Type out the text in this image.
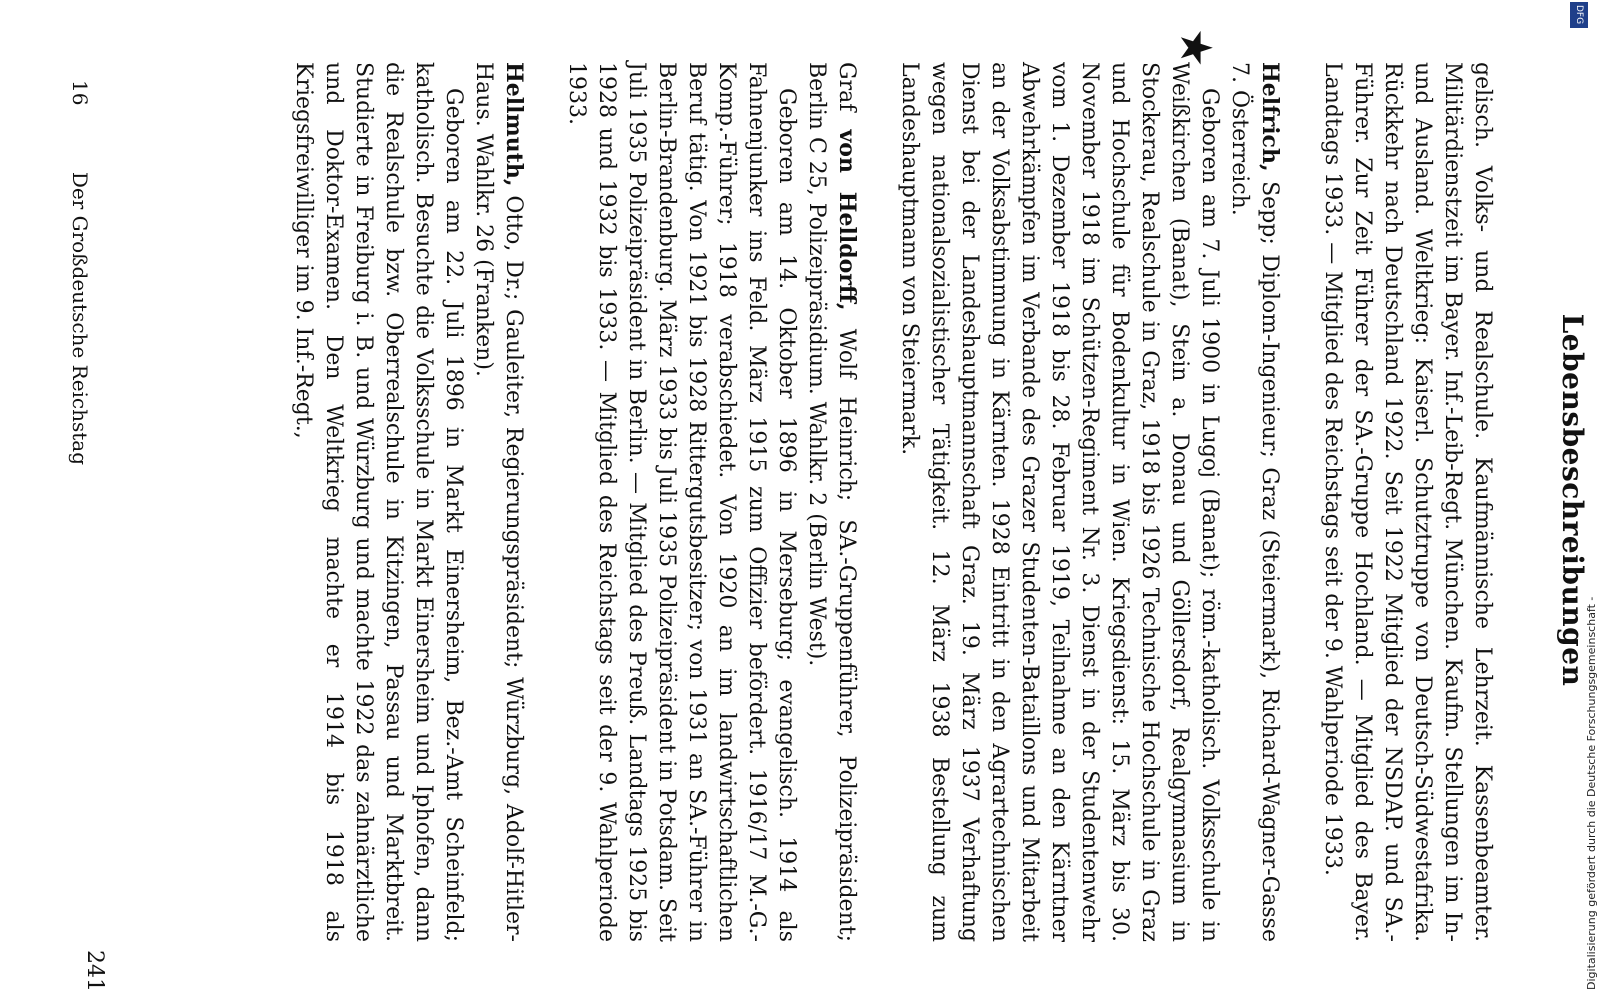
Lebensbeschreibungen
★

gelisch. Volks- und Realschule. Kaufmännische Lehrzeit. Kassenbeamter. Militärdienstzeit im Bayer. Inf.-Leib-Regt. München. Kaufm. Stellungen im In- und Ausland. Weltkrieg: Kaiserl. Schutztruppe von Deutsch-Südwestafrika. Rückkehr nach Deutschland 1922. Seit 1922 Mitglied der NSDAP. und SA.-Führer. Zur Zeit Führer der SA.-Gruppe Hochland. — Mitglied des Bayer. Landtags 1933. — Mitglied des Reichstags seit der 9. Wahlperiode 1933.

Helfrich, Sepp; Diplom-Ingenieur; Graz (Steiermark), Richard-Wagner-Gasse 7. Österreich.

Geboren am 7. Juli 1900 in Lugoj (Banat); röm.-katholisch. Volksschule in Weißkirchen (Banat), Stein a. Donau und Göllersdorf, Realgymnasium in Stockerau, Realschule in Graz, 1918 bis 1926 Technische Hochschule in Graz und Hochschule für Bodenkultur in Wien. Kriegsdienst: 15. März bis 30. November 1918 im Schützen-Regiment Nr. 3. Dienst in der Studentenwehr vom 1. Dezember 1918 bis 28. Februar 1919, Teilnahme an den Kärntner Abwehrkämpfen im Verbande des Grazer Studenten-Bataillons und Mitarbeit an der Volksabstimmung in Kärnten. 1928 Eintritt in den Agrartechnischen Dienst bei der Landeshauptmannschaft Graz. 19. März 1937 Verhaftung wegen nationalsozialistischer Tätigkeit. 12. März 1938 Bestellung zum Landeshauptmann von Steiermark.

Graf von Helldorff, Wolf Heinrich; SA.-Gruppenführer, Polizeipräsident; Berlin C 25, Polizeipräsidium. Wahlkr. 2 (Berlin West).

Geboren am 14. Oktober 1896 in Merseburg; evangelisch. 1914 als Fahnenjunker ins Feld. März 1915 zum Offizier befördert. 1916/17 M.-G.-Komp.-Führer; 1918 verabschiedet. Von 1920 an im landwirtschaftlichen Beruf tätig. Von 1921 bis 1928 Rittergutsbesitzer; von 1931 an SA.-Führer in Berlin-Brandenburg. März 1933 bis Juli 1935 Polizeipräsident in Potsdam. Seit Juli 1935 Polizeipräsident in Berlin. — Mitglied des Preuß. Landtags 1925 bis 1928 und 1932 bis 1933. — Mitglied des Reichstags seit der 9. Wahlperiode 1933.

Hellmuth, Otto, Dr.; Gauleiter, Regierungspräsident; Würzburg, Adolf-Hitler-Haus. Wahlkr. 26 (Franken).

Geboren am 22. Juli 1896 in Markt Einersheim, Bez.-Amt Scheinfeld; katholisch. Besuchte die Volksschule in Markt Einersheim und Iphofen, dann die Realschule bzw. Oberrealschule in Kitzingen, Passau und Marktbreit. Studierte in Freiburg i. B. und Würzburg und machte 1922 das zahnärztliche und Doktor-Examen. Den Weltkrieg machte er 1914 bis 1918 als Kriegsfreiwilliger im 9. Inf.-Regt.,

16 Der Großdeutsche Reichstag
241
DFG
Digitalisierung gefördert durch die Deutsche Forschungsgemeinschaft -
